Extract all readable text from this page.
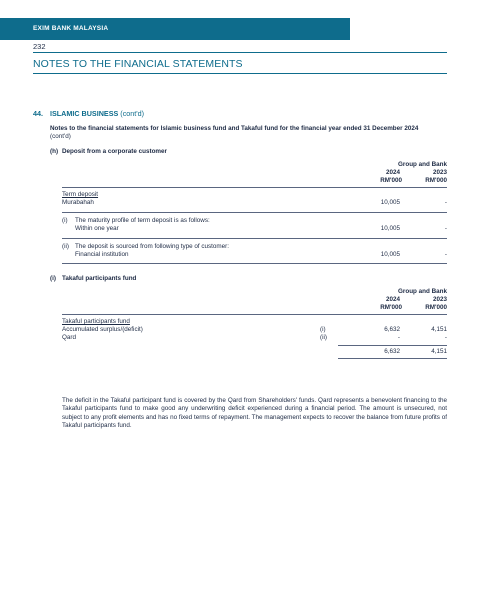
EXIM BANK MALAYSIA
232
NOTES TO THE FINANCIAL STATEMENTS
44. ISLAMIC BUSINESS (cont'd)
Notes to the financial statements for Islamic business fund and Takaful fund for the financial year ended 31 December 2024
(cont'd)
(h) Deposit from a corporate customer
Group and Bank
2024	2023
RM'000	RM'000
Term deposit
Murabahah	10,005	-
(i) The maturity profile of term deposit is as follows:
Within one year	10,005	-
(ii) The deposit is sourced from following type of customer:
Financial institution	10,005	-
(i) Takaful participants fund
Group and Bank
2024	2023
RM'000	RM'000
Takaful participants fund
Accumulated surplus/(deficit)	(i)	6,632	4,151
Qard	(ii)	-	-
6,632	4,151
The deficit in the Takaful participant fund is covered by the Qard from Shareholders' funds. Qard represents a benevolent financing to the Takaful participants fund to make good any underwriting deficit experienced during a financial period. The amount is unsecured, not subject to any profit elements and has no fixed terms of repayment. The management expects to recover the balance from future profits of Takaful participants fund.
